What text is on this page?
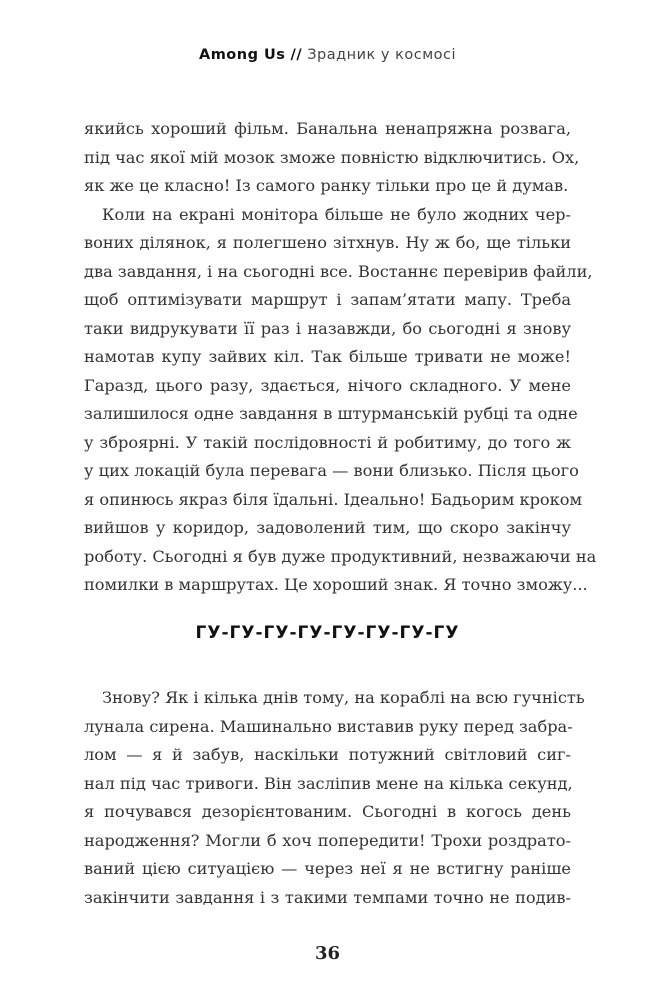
Among Us // Зрадник у космосі
якийсь хороший фільм. Банальна ненапряжна розвага,
під час якої мій мозок зможе повністю відключитись. Ох,
як же це класно! Із самого ранку тільки про це й думав.
Коли на екрані монітора більше не було жодних чер-
воних ділянок, я полегшено зітхнув. Ну ж бо, ще тільки
два завдання, і на сьогодні все. Востаннє перевірив файли,
щоб оптимізувати маршрут і запам’ятати мапу. Треба
таки видрукувати її раз і назавжди, бо сьогодні я знову
намотав купу зайвих кіл. Так більше тривати не може!
Гаразд, цього разу, здається, нічого складного. У мене
залишилося одне завдання в штурманській рубці та одне
у зброярні. У такій послідовності й робитиму, до того ж
у цих локацій була перевага — вони близько. Після цього
я опинюсь якраз біля їдальні. Ідеально! Бадьорим кроком
вийшов у коридор, задоволений тим, що скоро закінчу
роботу. Сьогодні я був дуже продуктивний, незважаючи на
помилки в маршрутах. Це хороший знак. Я точно зможу...
ГУ-ГУ-ГУ-ГУ-ГУ-ГУ-ГУ-ГУ
Знову? Як і кілька днів тому, на кораблі на всю гучність
лунала сирена. Машинально виставив руку перед забра-
лом — я й забув, наскільки потужний світловий сиг-
нал під час тривоги. Він засліпив мене на кілька секунд,
я почувався дезорієнтованим. Сьогодні в когось день
народження? Могли б хоч попередити! Трохи роздрато-
ваний цією ситуацією — через неї я не встигну раніше
закінчити завдання і з такими темпами точно не подив-
36
